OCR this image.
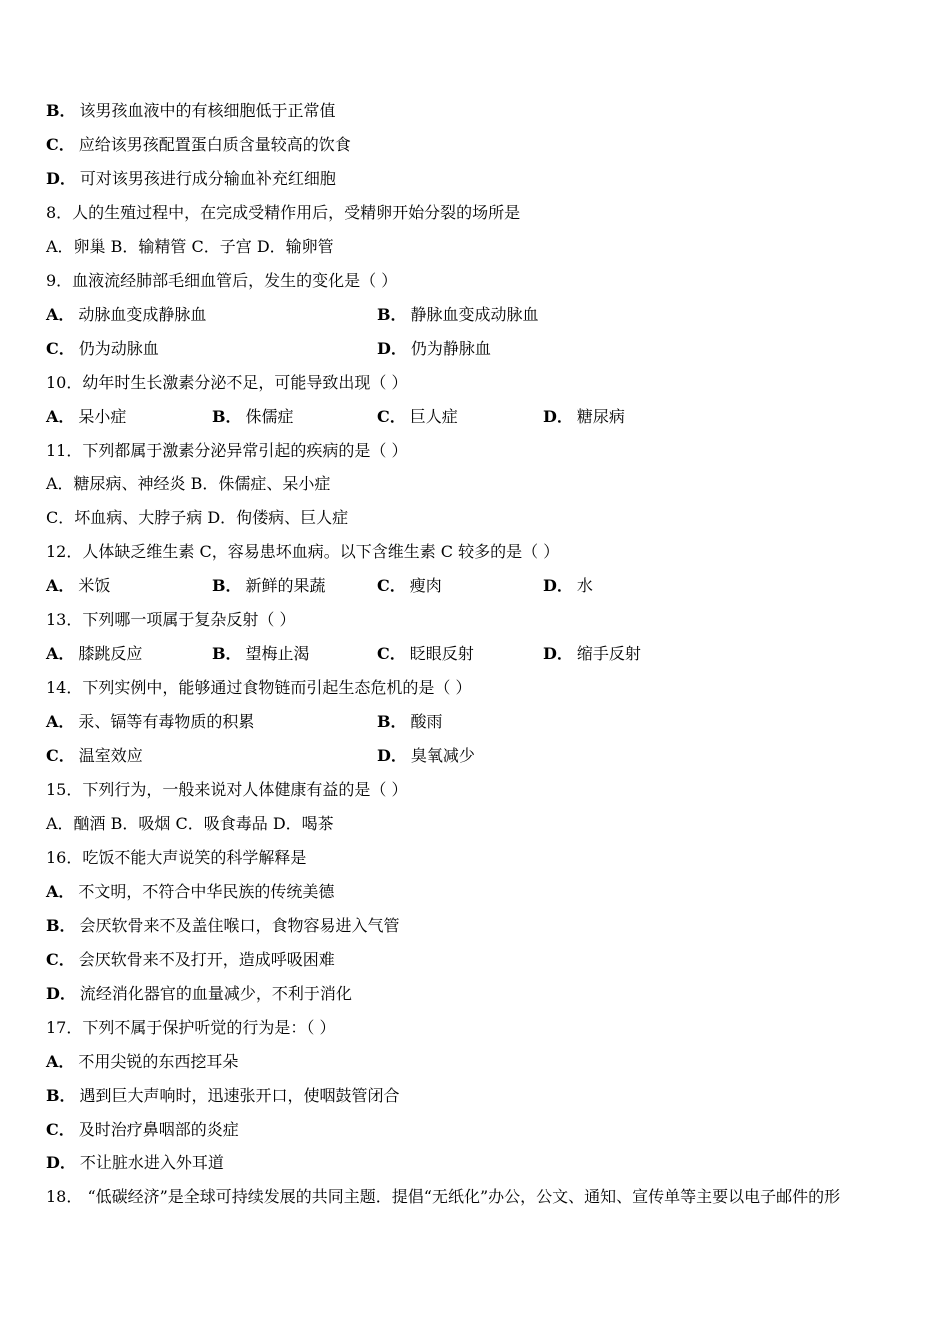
B． 该男孩血液中的有核细胞低于正常值
C． 应给该男孩配置蛋白质含量较高的饮食
D． 可对该男孩进行成分输血补充红细胞
8．人的生殖过程中，在完成受精作用后，受精卵开始分裂的场所是
A．卵巢 B．输精管 C．子宫 D．输卵管
9．血液流经肺部毛细血管后，发生的变化是（ ）
A． 动脉血变成静脉血	B． 静脉血变成动脉血
C． 仍为动脉血	D． 仍为静脉血
10．幼年时生长激素分泌不足，可能导致出现（ ）
A． 呆小症	B． 侏儒症	C． 巨人症	D． 糖尿病
11．下列都属于激素分泌异常引起的疾病的是（ ）
A．糖尿病、神经炎 B．侏儒症、呆小症
C．坏血病、大脖子病 D．佝偻病、巨人症
12．人体缺乏维生素 C，容易患坏血病。以下含维生素 C 较多的是（ ）
A． 米饭	B． 新鲜的果蔬	C． 瘦肉	D． 水
13．下列哪一项属于复杂反射（ ）
A． 膝跳反应	B． 望梅止渴	C． 眨眼反射	D． 缩手反射
14．下列实例中，能够通过食物链而引起生态危机的是（ ）
A． 汞、镉等有毒物质的积累	B． 酸雨
C． 温室效应	D． 臭氧减少
15．下列行为，一般来说对人体健康有益的是（ ）
A．酗酒 B．吸烟 C．吸食毒品 D．喝茶
16．吃饭不能大声说笑的科学解释是
A． 不文明，不符合中华民族的传统美德
B． 会厌软骨来不及盖住喉口，食物容易进入气管
C． 会厌软骨来不及打开，造成呼吸困难
D． 流经消化器官的血量减少，不利于消化
17．下列不属于保护听觉的行为是：（ ）
A． 不用尖锐的东西挖耳朵
B． 遇到巨大声响时，迅速张开口，使咽鼓管闭合
C． 及时治疗鼻咽部的炎症
D． 不让脏水进入外耳道
18． “低碳经济”是全球可持续发展的共同主题．提倡“无纸化”办公，公文、通知、宣传单等主要以电子邮件的形
